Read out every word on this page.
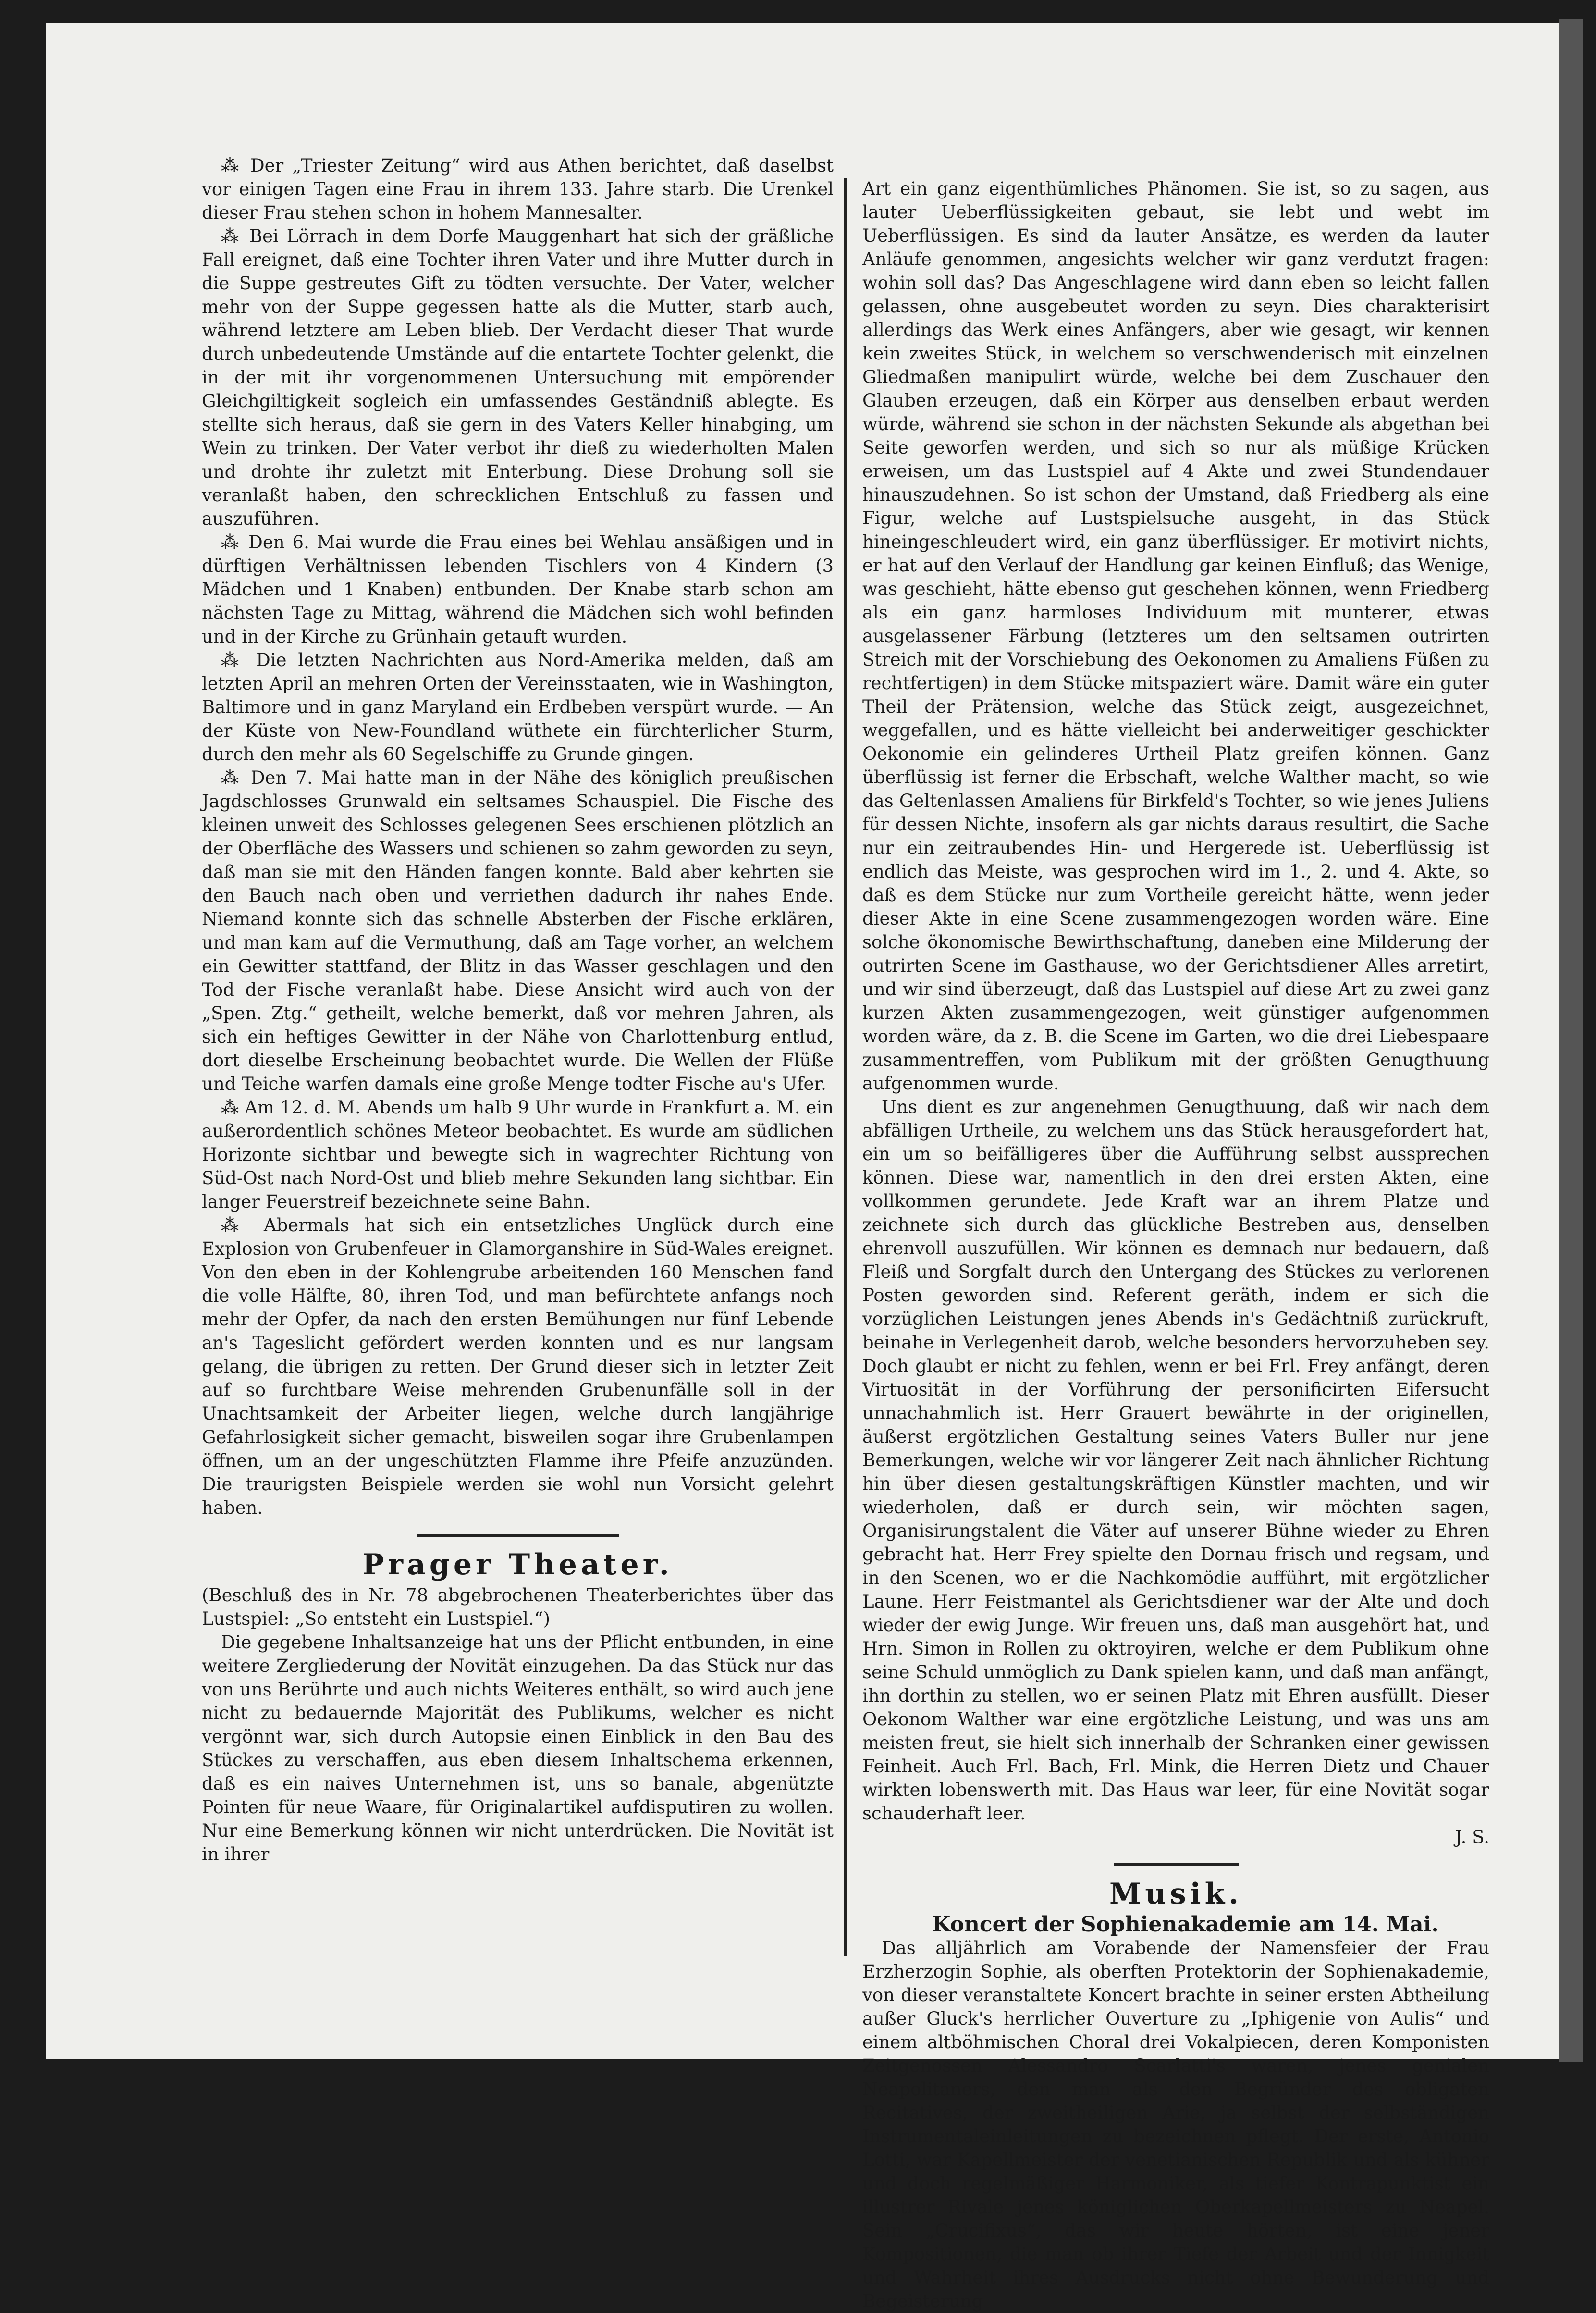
⁂ Der „Triester Zeitung“ wird aus Athen berichtet, daß daselbst vor einigen Tagen eine Frau in ihrem 133. Jahre starb. Die Urenkel dieser Frau stehen schon in hohem Mannesalter.

⁂ Bei Lörrach in dem Dorfe Mauggenhart hat sich der gräßliche Fall ereignet, daß eine Tochter ihren Vater und ihre Mutter durch in die Suppe gestreutes Gift zu tödten versuchte. Der Vater, welcher mehr von der Suppe gegessen hatte als die Mutter, starb auch, während letztere am Leben blieb. Der Verdacht dieser That wurde durch unbedeutende Umstände auf die entartete Tochter gelenkt, die in der mit ihr vorgenommenen Untersuchung mit empörender Gleichgiltigkeit sogleich ein umfassendes Geständniß ablegte. Es stellte sich heraus, daß sie gern in des Vaters Keller hinabging, um Wein zu trinken. Der Vater verbot ihr dieß zu wiederholten Malen und drohte ihr zuletzt mit Enterbung. Diese Drohung soll sie veranlaßt haben, den schrecklichen Entschluß zu fassen und auszuführen.

⁂ Den 6. Mai wurde die Frau eines bei Wehlau ansäßigen und in dürftigen Verhältnissen lebenden Tischlers von 4 Kindern (3 Mädchen und 1 Knaben) entbunden. Der Knabe starb schon am nächsten Tage zu Mittag, während die Mädchen sich wohl befinden und in der Kirche zu Grünhain getauft wurden.

⁂ Die letzten Nachrichten aus Nord-Amerika melden, daß am letzten April an mehren Orten der Vereinsstaaten, wie in Washington, Baltimore und in ganz Maryland ein Erdbeben verspürt wurde. — An der Küste von New-Foundland wüthete ein fürchterlicher Sturm, durch den mehr als 60 Segelschiffe zu Grunde gingen.

⁂ Den 7. Mai hatte man in der Nähe des königlich preußischen Jagdschlosses Grunwald ein seltsames Schauspiel. Die Fische des kleinen unweit des Schlosses gelegenen Sees erschienen plötzlich an der Oberfläche des Wassers und schienen so zahm geworden zu seyn, daß man sie mit den Händen fangen konnte. Bald aber kehrten sie den Bauch nach oben und verriethen dadurch ihr nahes Ende. Niemand konnte sich das schnelle Absterben der Fische erklären, und man kam auf die Vermuthung, daß am Tage vorher, an welchem ein Gewitter stattfand, der Blitz in das Wasser geschlagen und den Tod der Fische veranlaßt habe. Diese Ansicht wird auch von der „Spen. Ztg.“ getheilt, welche bemerkt, daß vor mehren Jahren, als sich ein heftiges Gewitter in der Nähe von Charlottenburg entlud, dort dieselbe Erscheinung beobachtet wurde. Die Wellen der Flüße und Teiche warfen damals eine große Menge todter Fische au's Ufer.

⁂ Am 12. d. M. Abends um halb 9 Uhr wurde in Frankfurt a. M. ein außerordentlich schönes Meteor beobachtet. Es wurde am südlichen Horizonte sichtbar und bewegte sich in wagrechter Richtung von Süd-Ost nach Nord-Ost und blieb mehre Sekunden lang sichtbar. Ein langer Feuerstreif bezeichnete seine Bahn.

⁂ Abermals hat sich ein entsetzliches Unglück durch eine Explosion von Grubenfeuer in Glamorganshire in Süd-Wales ereignet. Von den eben in der Kohlengrube arbeitenden 160 Menschen fand die volle Hälfte, 80, ihren Tod, und man befürchtete anfangs noch mehr der Opfer, da nach den ersten Bemühungen nur fünf Lebende an's Tageslicht gefördert werden konnten und es nur langsam gelang, die übrigen zu retten. Der Grund dieser sich in letzter Zeit auf so furchtbare Weise mehrenden Grubenunfälle soll in der Unachtsamkeit der Arbeiter liegen, welche durch langjährige Gefahrlosigkeit sicher gemacht, bisweilen sogar ihre Grubenlampen öffnen, um an der ungeschützten Flamme ihre Pfeife anzuzünden. Die traurigsten Beispiele werden sie wohl nun Vorsicht gelehrt haben.

Prager Theater.

(Beschluß des in Nr. 78 abgebrochenen Theaterberichtes über das Lustspiel: „So entsteht ein Lustspiel.“)

Die gegebene Inhaltsanzeige hat uns der Pflicht entbunden, in eine weitere Zergliederung der Novität einzugehen. Da das Stück nur das von uns Berührte und auch nichts Weiteres enthält, so wird auch jene nicht zu bedauernde Majorität des Publikums, welcher es nicht vergönnt war, sich durch Autopsie einen Einblick in den Bau des Stückes zu verschaffen, aus eben diesem Inhaltschema erkennen, daß es ein naives Unternehmen ist, uns so banale, abgenützte Pointen für neue Waare, für Originalartikel aufdisputiren zu wollen. Nur eine Bemerkung können wir nicht unterdrücken. Die Novität ist in ihrer

Art ein ganz eigenthümliches Phänomen. Sie ist, so zu sagen, aus lauter Ueberflüssigkeiten gebaut, sie lebt und webt im Ueberflüssigen. Es sind da lauter Ansätze, es werden da lauter Anläufe genommen, angesichts welcher wir ganz verdutzt fragen: wohin soll das? Das Angeschlagene wird dann eben so leicht fallen gelassen, ohne ausgebeutet worden zu seyn. Dies charakterisirt allerdings das Werk eines Anfängers, aber wie gesagt, wir kennen kein zweites Stück, in welchem so verschwenderisch mit einzelnen Gliedmaßen manipulirt würde, welche bei dem Zuschauer den Glauben erzeugen, daß ein Körper aus denselben erbaut werden würde, während sie schon in der nächsten Sekunde als abgethan bei Seite geworfen werden, und sich so nur als müßige Krücken erweisen, um das Lustspiel auf 4 Akte und zwei Stundendauer hinauszudehnen. So ist schon der Umstand, daß Friedberg als eine Figur, welche auf Lustspielsuche ausgeht, in das Stück hineingeschleudert wird, ein ganz überflüssiger. Er motivirt nichts, er hat auf den Verlauf der Handlung gar keinen Einfluß; das Wenige, was geschieht, hätte ebenso gut geschehen können, wenn Friedberg als ein ganz harmloses Individuum mit munterer, etwas ausgelassener Färbung (letzteres um den seltsamen outrirten Streich mit der Vorschiebung des Oekonomen zu Amaliens Füßen zu rechtfertigen) in dem Stücke mitspaziert wäre. Damit wäre ein guter Theil der Prätension, welche das Stück zeigt, ausgezeichnet, weggefallen, und es hätte vielleicht bei anderweitiger geschickter Oekonomie ein gelinderes Urtheil Platz greifen können. Ganz überflüssig ist ferner die Erbschaft, welche Walther macht, so wie das Geltenlassen Amaliens für Birkfeld's Tochter, so wie jenes Juliens für dessen Nichte, insofern als gar nichts daraus resultirt, die Sache nur ein zeitraubendes Hin- und Hergerede ist. Ueberflüssig ist endlich das Meiste, was gesprochen wird im 1., 2. und 4. Akte, so daß es dem Stücke nur zum Vortheile gereicht hätte, wenn jeder dieser Akte in eine Scene zusammengezogen worden wäre. Eine solche ökonomische Bewirthschaftung, daneben eine Milderung der outrirten Scene im Gasthause, wo der Gerichtsdiener Alles arretirt, und wir sind überzeugt, daß das Lustspiel auf diese Art zu zwei ganz kurzen Akten zusammengezogen, weit günstiger aufgenommen worden wäre, da z. B. die Scene im Garten, wo die drei Liebespaare zusammentreffen, vom Publikum mit der größten Genugthuung aufgenommen wurde.

Uns dient es zur angenehmen Genugthuung, daß wir nach dem abfälligen Urtheile, zu welchem uns das Stück herausgefordert hat, ein um so beifälligeres über die Aufführung selbst aussprechen können. Diese war, namentlich in den drei ersten Akten, eine vollkommen gerundete. Jede Kraft war an ihrem Platze und zeichnete sich durch das glückliche Bestreben aus, denselben ehrenvoll auszufüllen. Wir können es demnach nur bedauern, daß Fleiß und Sorgfalt durch den Untergang des Stückes zu verlorenen Posten geworden sind. Referent geräth, indem er sich die vorzüglichen Leistungen jenes Abends in's Gedächtniß zurückruft, beinahe in Verlegenheit darob, welche besonders hervorzuheben sey. Doch glaubt er nicht zu fehlen, wenn er bei Frl. Frey anfängt, deren Virtuosität in der Vorführung der personificirten Eifersucht unnachahmlich ist. Herr Grauert bewährte in der originellen, äußerst ergötzlichen Gestaltung seines Vaters Buller nur jene Bemerkungen, welche wir vor längerer Zeit nach ähnlicher Richtung hin über diesen gestaltungskräftigen Künstler machten, und wir wiederholen, daß er durch sein, wir möchten sagen, Organisirungstalent die Väter auf unserer Bühne wieder zu Ehren gebracht hat. Herr Frey spielte den Dornau frisch und regsam, und in den Scenen, wo er die Nachkomödie aufführt, mit ergötzlicher Laune. Herr Feistmantel als Gerichtsdiener war der Alte und doch wieder der ewig Junge. Wir freuen uns, daß man ausgehört hat, und Hrn. Simon in Rollen zu oktroyiren, welche er dem Publikum ohne seine Schuld unmöglich zu Dank spielen kann, und daß man anfängt, ihn dorthin zu stellen, wo er seinen Platz mit Ehren ausfüllt. Dieser Oekonom Walther war eine ergötzliche Leistung, und was uns am meisten freut, sie hielt sich innerhalb der Schranken einer gewissen Feinheit. Auch Frl. Bach, Frl. Mink, die Herren Dietz und Chauer wirkten lobenswerth mit. Das Haus war leer, für eine Novität sogar schauderhaft leer.

J. S.

Musik.

Koncert der Sophienakademie am 14. Mai.

Das alljährlich am Vorabende der Namensfeier der Frau Erzherzogin Sophie, als oberften Protektorin der Sophienakademie, von dieser veranstaltete Koncert brachte in seiner ersten Abtheilung außer Gluck's herrlicher Ouverture zu „Iphigenie von Aulis“ und einem altböhmischen Choral drei Vokalpiecen, deren Komponisten Zeitgenossen Alessandro Scarlatti's waren, jenes genialen Neapolitaners, den man als den Begründer des obligaten Recitatives, der zweitheiligen Arie, ja selbst der selbständigen Instrumentaleinleitungen zu bezeichnen pflegt. Der erste, Antonio Lotti, war Kapellmeister der venetianischen Republik und als kühner und doch regelmäßiger Harmoniker, als tiefer Kontrapunktist ein illustrer Rivale jenes königlichen Oberkapellmeisters zu Neapel. Sein „Crucifixus“, das wir heute hörten, ist eine jener Kompositionen, die man ob ihrer Tiefe der Arbeit und der Innigkeit und Wahrheit ihres Ausdrucks nicht ohne Bewunderung und Begeisterung
